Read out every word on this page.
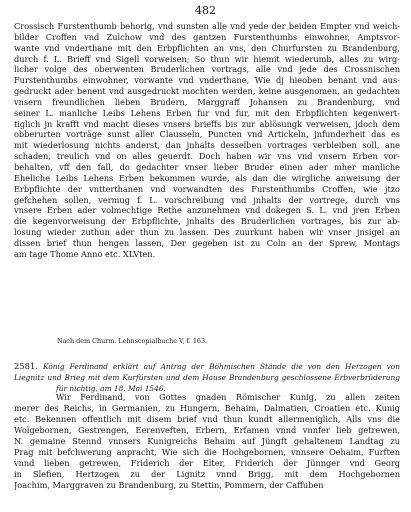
482
Crossisch Furstenthumb behorig, vnd sunsten alle vnd yede der beiden Empter vnd weich-
bilder Croffen vnd Zulchow vnd des gantzen Furstenthumbs einwohner, Amptsvor-
wante vnd vnderthane mit den Erbpflichten an vns, den Churfursten zu Brandenburg,
durch f. L. Brieff vnd Sigell vorweisen; So thun wir hiemit wiederumb, alles zu wirg-
licher volge des oberwenten Bruderlichen vortrags, alle vnd jede des Crossnischen
Furstenthumbs einwohner, vorwante vnd vnderthane, Wie dj hieoben benant vnd aus-
gedruckt ader benent vnd ausgedruckt mochten werden, keine ausgenomen, an gedachten
vnsern freundlichen lieben Brudern, Marggraff Johansen zu Brandenburg, vnd
seiner L. manliche Leibs Lehens Erben fur vnd fur, mit den Erbpflichten kegenwert-
tiglich jn krafft vnd macht dieses vnsers brieffs bis zur ablösungk verweisen, jdoch dem
obberurten vorträge sunst aller Clausseln, Puncten vnd Artickeln, jnfunderheit das es
mit wiederlosung nichts anderst, dan jnhalts desselben vortrages verbleiben soll, ane
schaden, treulich vnd on alles geuerdt. Doch haben wir vns vnd vnsern Erben vor-
behalten, vff den fall, do gedachter vnser lieber Bruder einen ader mher manliche
Eheliche Leibs Lehens Erben bekommen wurde, als dan die wirgliche anweisung der
Erbpflichte der vntterthanen vnd vorwandten des Furstenthumbs Croffen, wie jtzo
gefchehen sollen, vermug f. L. vorschreibung vnd jnhalts der vortrege, durch vns
vnsere Erben ader volmechtige Rethe anzunehmen vnd dokegen S. L. vnd jren Erben
die kegenvorweisung der Erbpflichte, jnhalts des Bruderlichen vortrages, bis zur ab-
losung wieder zuthun ader thun zu lassen. Des zuurkunt haben wir vnser jnsigel an
dissen brief thun hengen lassen, Der gegeben ist zu Coln an der Sprew, Montags
am tage Thome Anno etc. XLVten.
Nach dem Churm. Lehnscopialbuche V, f. 163.
2581. König Ferdinand erklärt auf Antrag der Böhmischen Stände die von den Herzogen von
Liegnitz und Brieg mit dem Kurfürsten und dem Hause Brandenburg geschlossene Erbverbrüderung
für nichtig, am 18. Mai 1546.
Wir Ferdinand, von Gottes gnaden Römischer Kunig, zu allen zeiten
merer des Reichs, in Germanien, zu Hungern, Behaim, Dalmatien, Croatien etc. Kunig
etc. Bekennen offentlich mit disem brief vnd thun kundt allermeniglich, Alls vns die
Wolgebornen, Gestrengen, Eerenveften, Erbern, Erfamen vnnd vnnfer lieb getrewen,
N. gemaine Stennd vnnsers Kunigreichs Behaim auf Jüngft gehaltenem Landtag zu
Prag mit befchwerung anpracht, Wie sich die Hochgebornen, vnnsere Oehaim, Furften
vnnd lieben getrewen, Friderich der Elter, Friderich der Jünnger vnd Georg
in Slefien, Hertzogen zu der Lignitz vnnd Brigg, mit dem Hochgebornen
Joachim, Marggraven zu Brandenburg, zu Stettin, Pommern, der Caffuben
